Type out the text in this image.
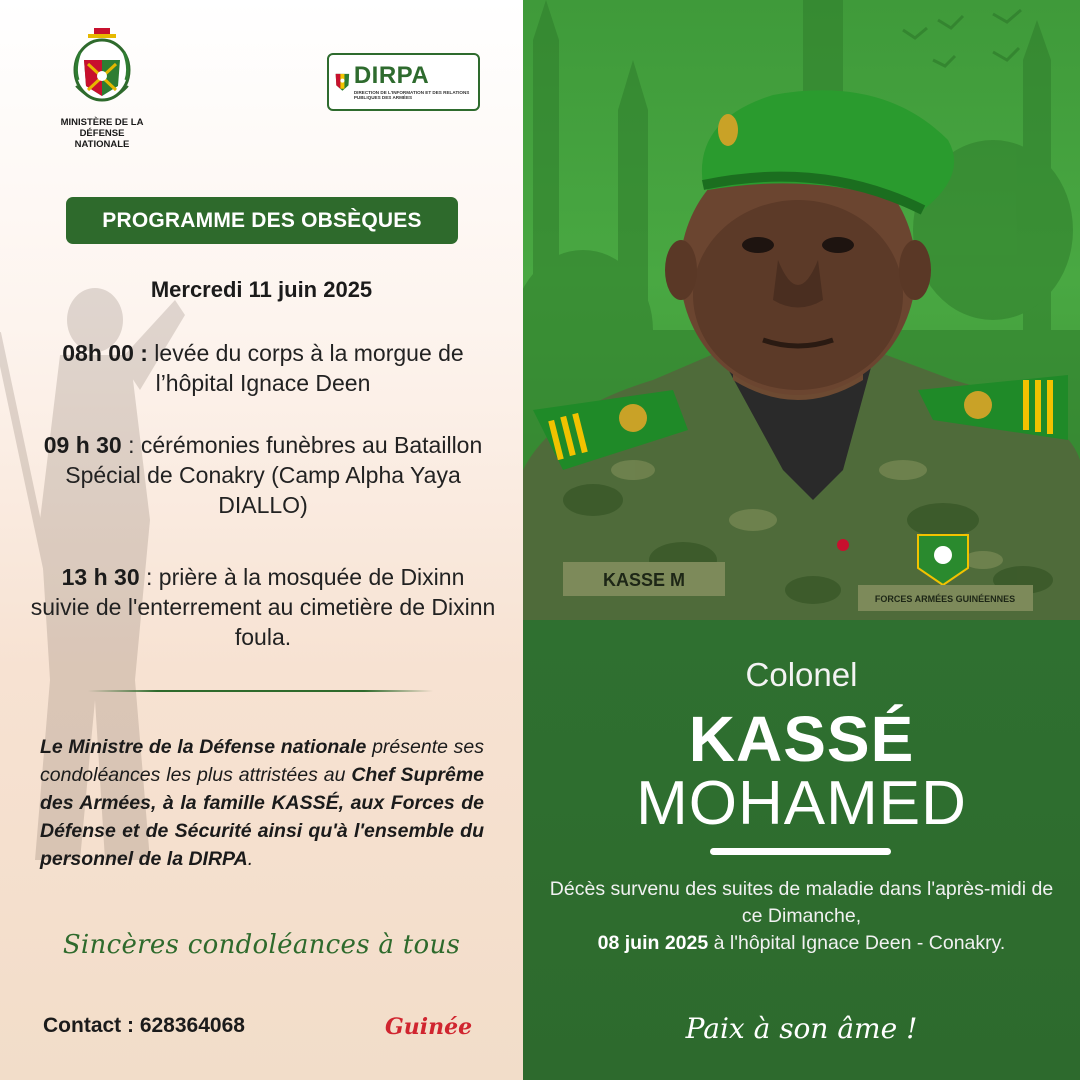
MINISTÈRE DE LA DÉFENSE NATIONALE
DIRPA
DIRECTION DE L'INFORMATION ET DES RELATIONS PUBLIQUES DES ARMÉES
PROGRAMME DES OBSÈQUES
Mercredi 11 juin 2025
08h 00 : levée du corps à la morgue de l’hôpital Ignace Deen
09 h 30 : cérémonies funèbres au Bataillon Spécial de Conakry (Camp Alpha Yaya DIALLO)
13 h 30 : prière à la mosquée de Dixinn suivie de l'enterrement au cimetière de Dixinn foula.
Le Ministre de la Défense nationale présente ses condoléances les plus attristées au Chef Suprême des Armées, à la famille KASSÉ, aux Forces de Défense et de Sécurité ainsi qu'à l'ensemble du personnel de la DIRPA.
Sincères condoléances à tous
Contact : 628364068	Guinée
KASSE M
FORCES ARMÉES GUINÉENNES
Colonel
KASSÉ
MOHAMED
Décès survenu des suites de maladie dans l'après-midi de ce Dimanche,
08 juin 2025 à l'hôpital Ignace Deen - Conakry.
Paix à son âme !
